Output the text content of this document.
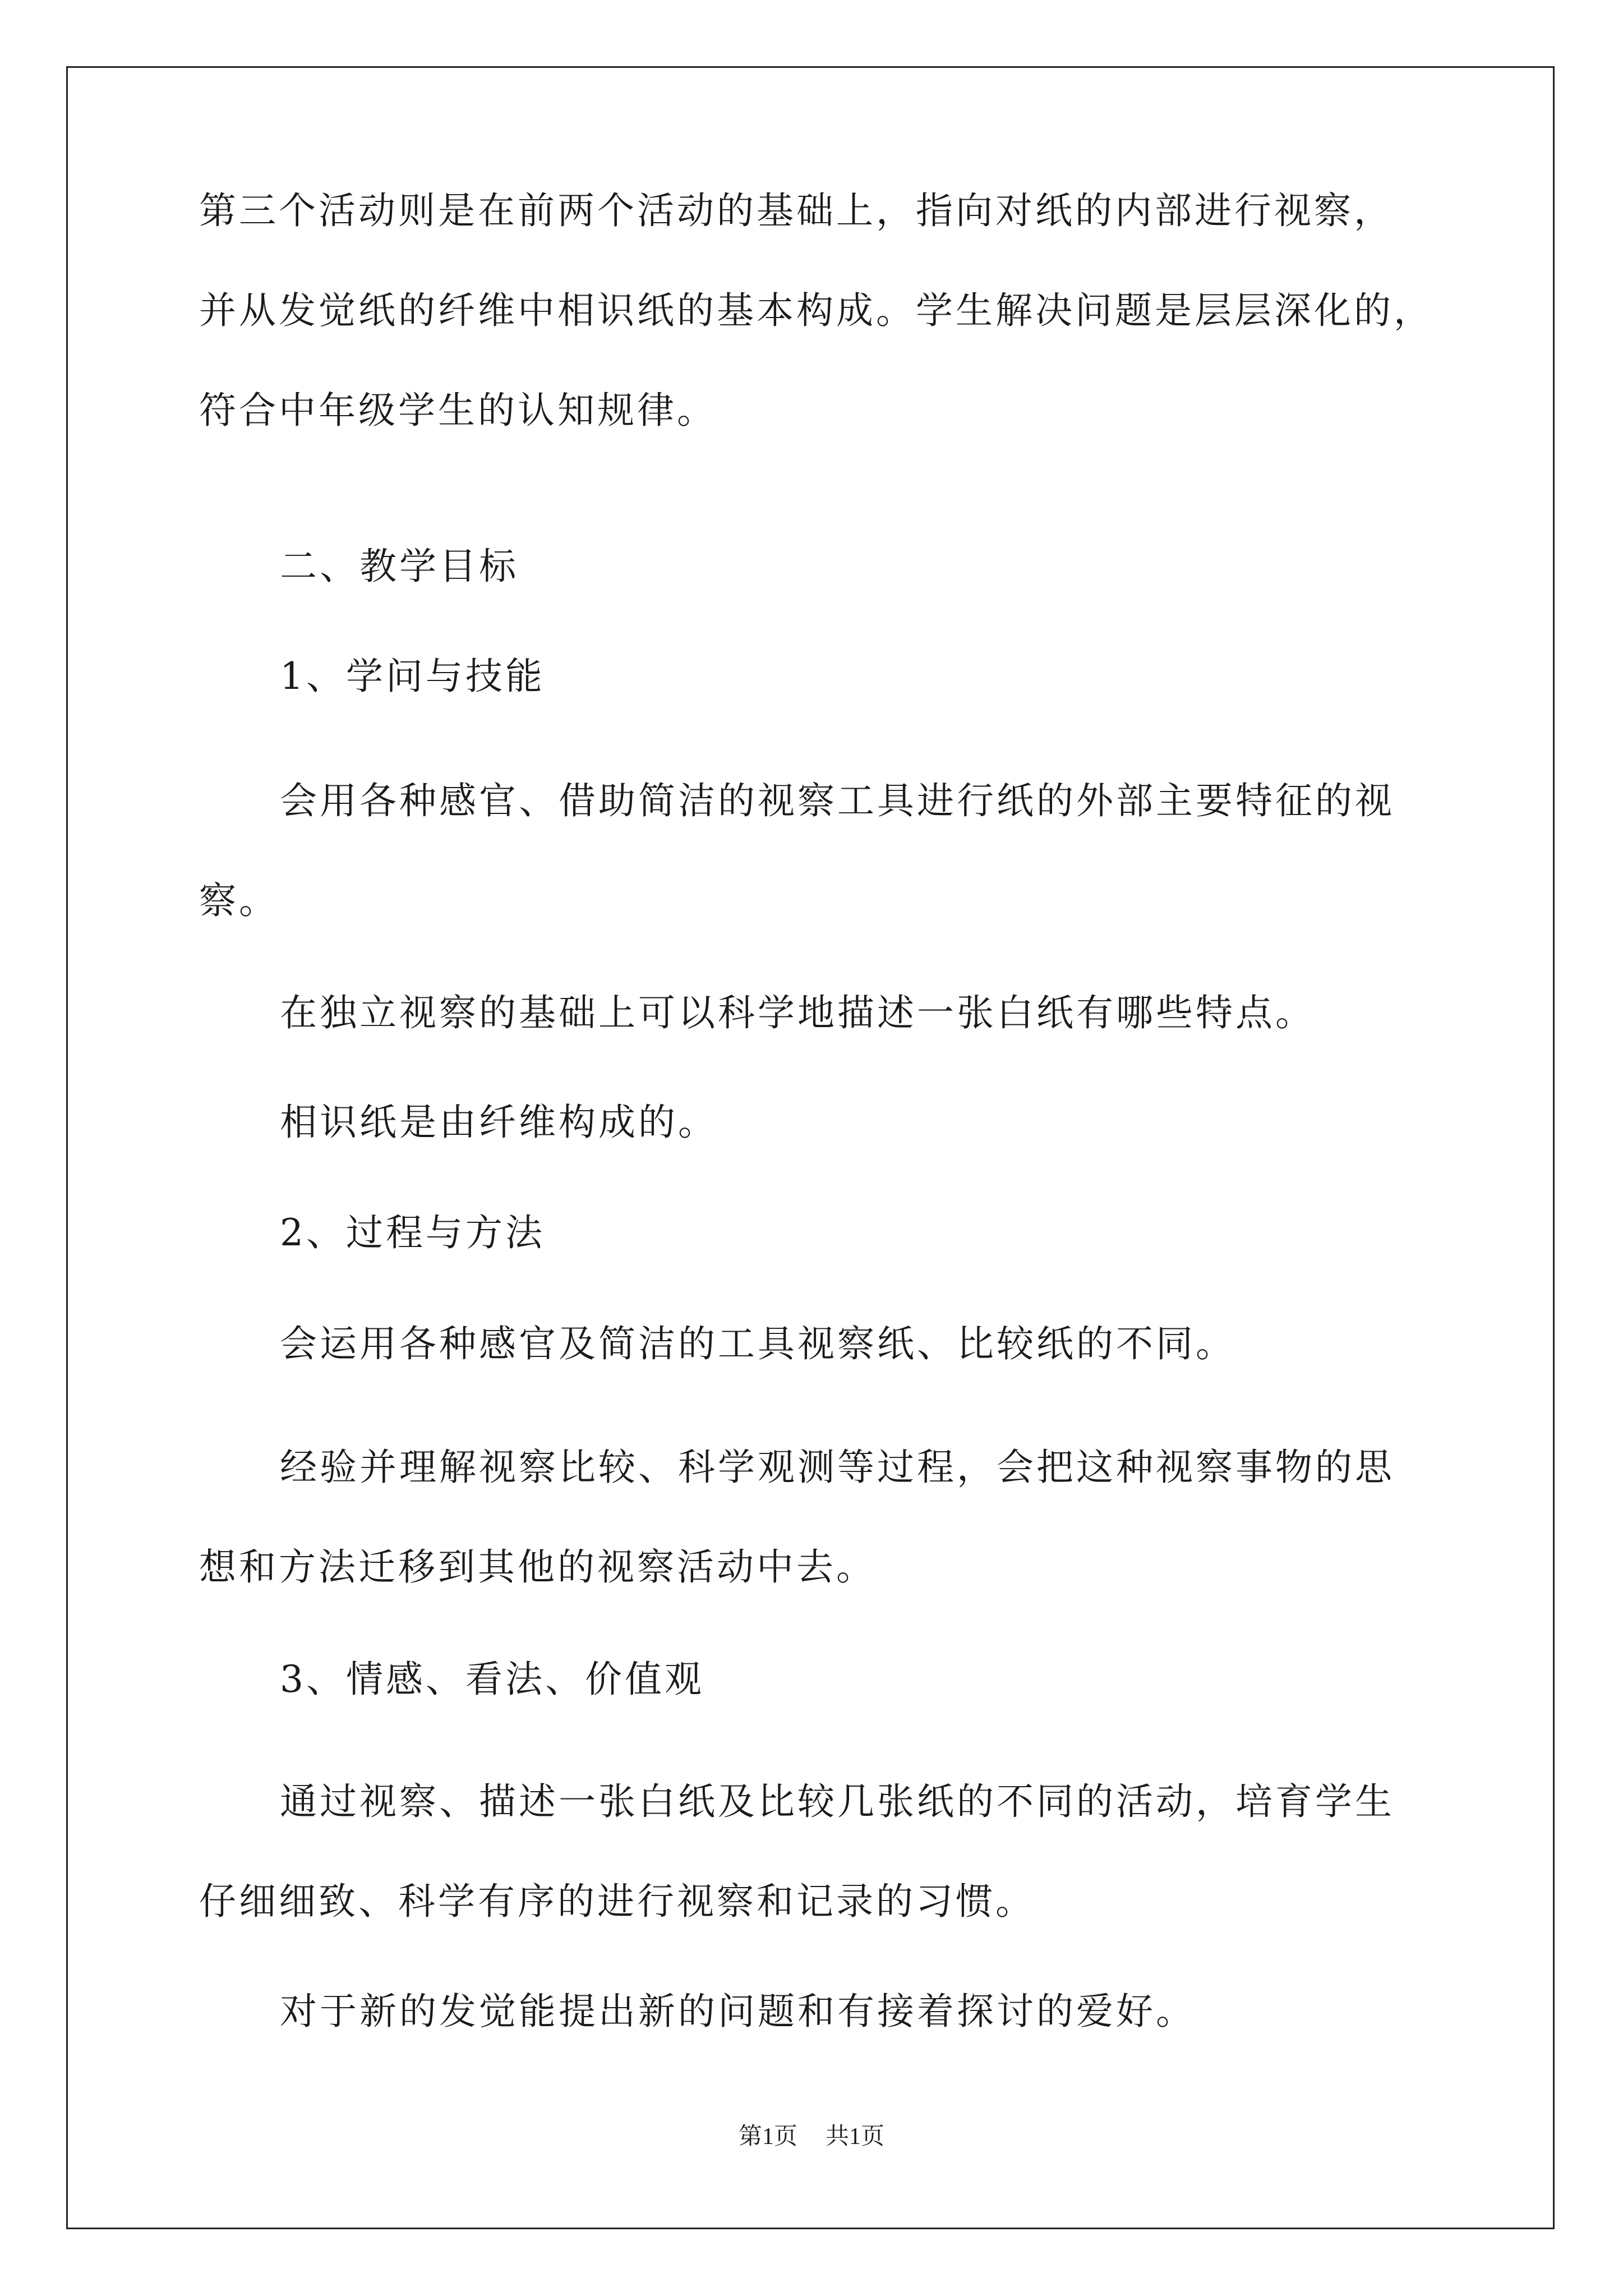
第三个活动则是在前两个活动的基础上，指向对纸的内部进行视察，
并从发觉纸的纤维中相识纸的基本构成。学生解决问题是层层深化的，
符合中年级学生的认知规律。
二、教学目标
1、学问与技能
会用各种感官、借助简洁的视察工具进行纸的外部主要特征的视
察。
在独立视察的基础上可以科学地描述一张白纸有哪些特点。
相识纸是由纤维构成的。
2、过程与方法
会运用各种感官及简洁的工具视察纸、比较纸的不同。
经验并理解视察比较、科学观测等过程，会把这种视察事物的思
想和方法迁移到其他的视察活动中去。
3、情感、看法、价值观
通过视察、描述一张白纸及比较几张纸的不同的活动，培育学生
仔细细致、科学有序的进行视察和记录的习惯。
对于新的发觉能提出新的问题和有接着探讨的爱好。
第1页 共1页
